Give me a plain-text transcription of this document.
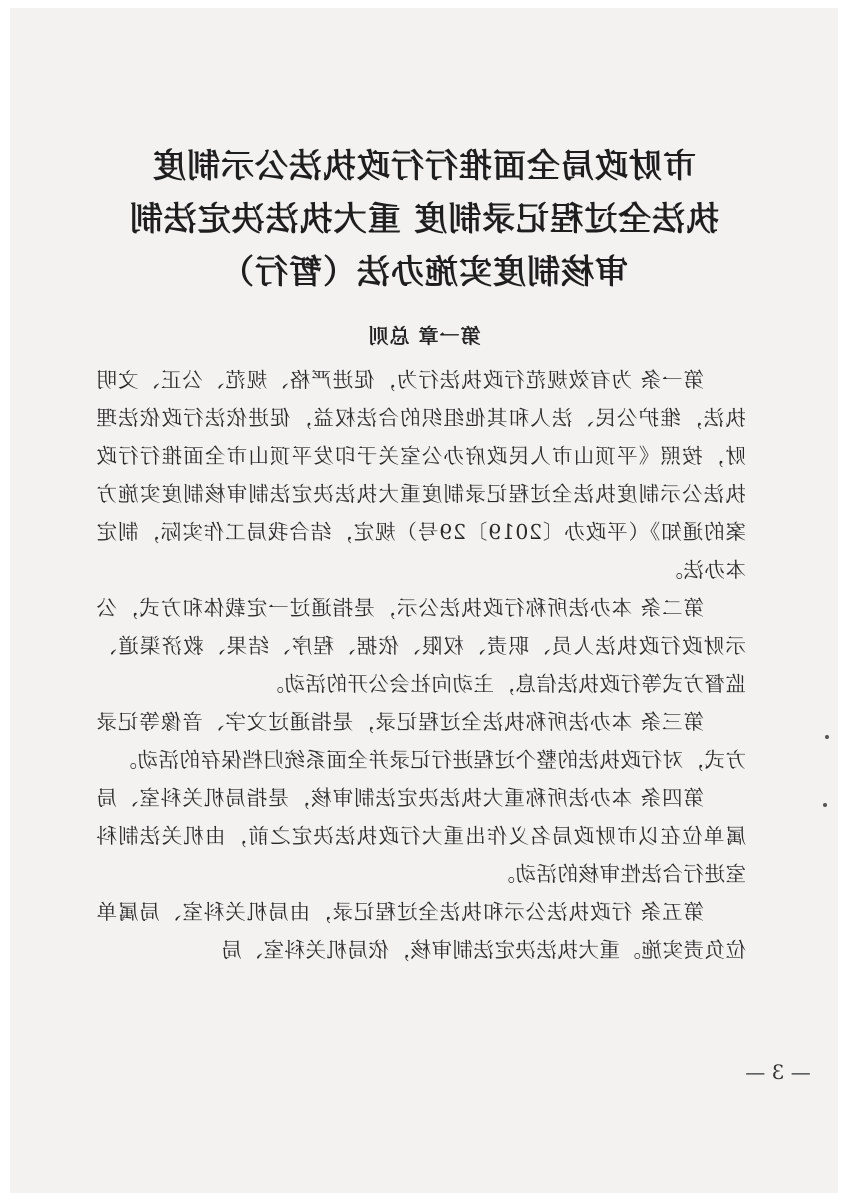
市财政局全面推行行政执法公示制度
执法全过程记录制度 重大执法决定法制
审核制度实施办法（暂行）
第一章 总则

第一条 为有效规范行政执法行为，促进严格、规范、公正、文明执法，维护公民、法人和其他组织的合法权益，促进依法行政依法理财，按照《平顶山市人民政府办公室关于印发平顶山市全面推行行政执法公示制度执法全过程记录制度重大执法决定法制审核制度实施方案的通知》（平政办〔2019〕29号）规定，结合我局工作实际，制定本办法。

第二条 本办法所称行政执法公示，是指通过一定载体和方式，公示财政行政执法人员、职责、权限、依据、程序、结果、救济渠道、监督方式等行政执法信息，主动向社会公开的活动。

第三条 本办法所称执法全过程记录，是指通过文字、音像等记录方式，对行政执法的整个过程进行记录并全面系统归档保存的活动。

第四条 本办法所称重大执法决定法制审核，是指局机关科室、局属单位在以市财政局名义作出重大行政执法决定之前，由机关法制科室进行合法性审核的活动。

第五条 行政执法公示和执法全过程记录，由局机关科室、局属单位负责实施。重大执法决定法制审核，依局机关科室、局

— 3 —
